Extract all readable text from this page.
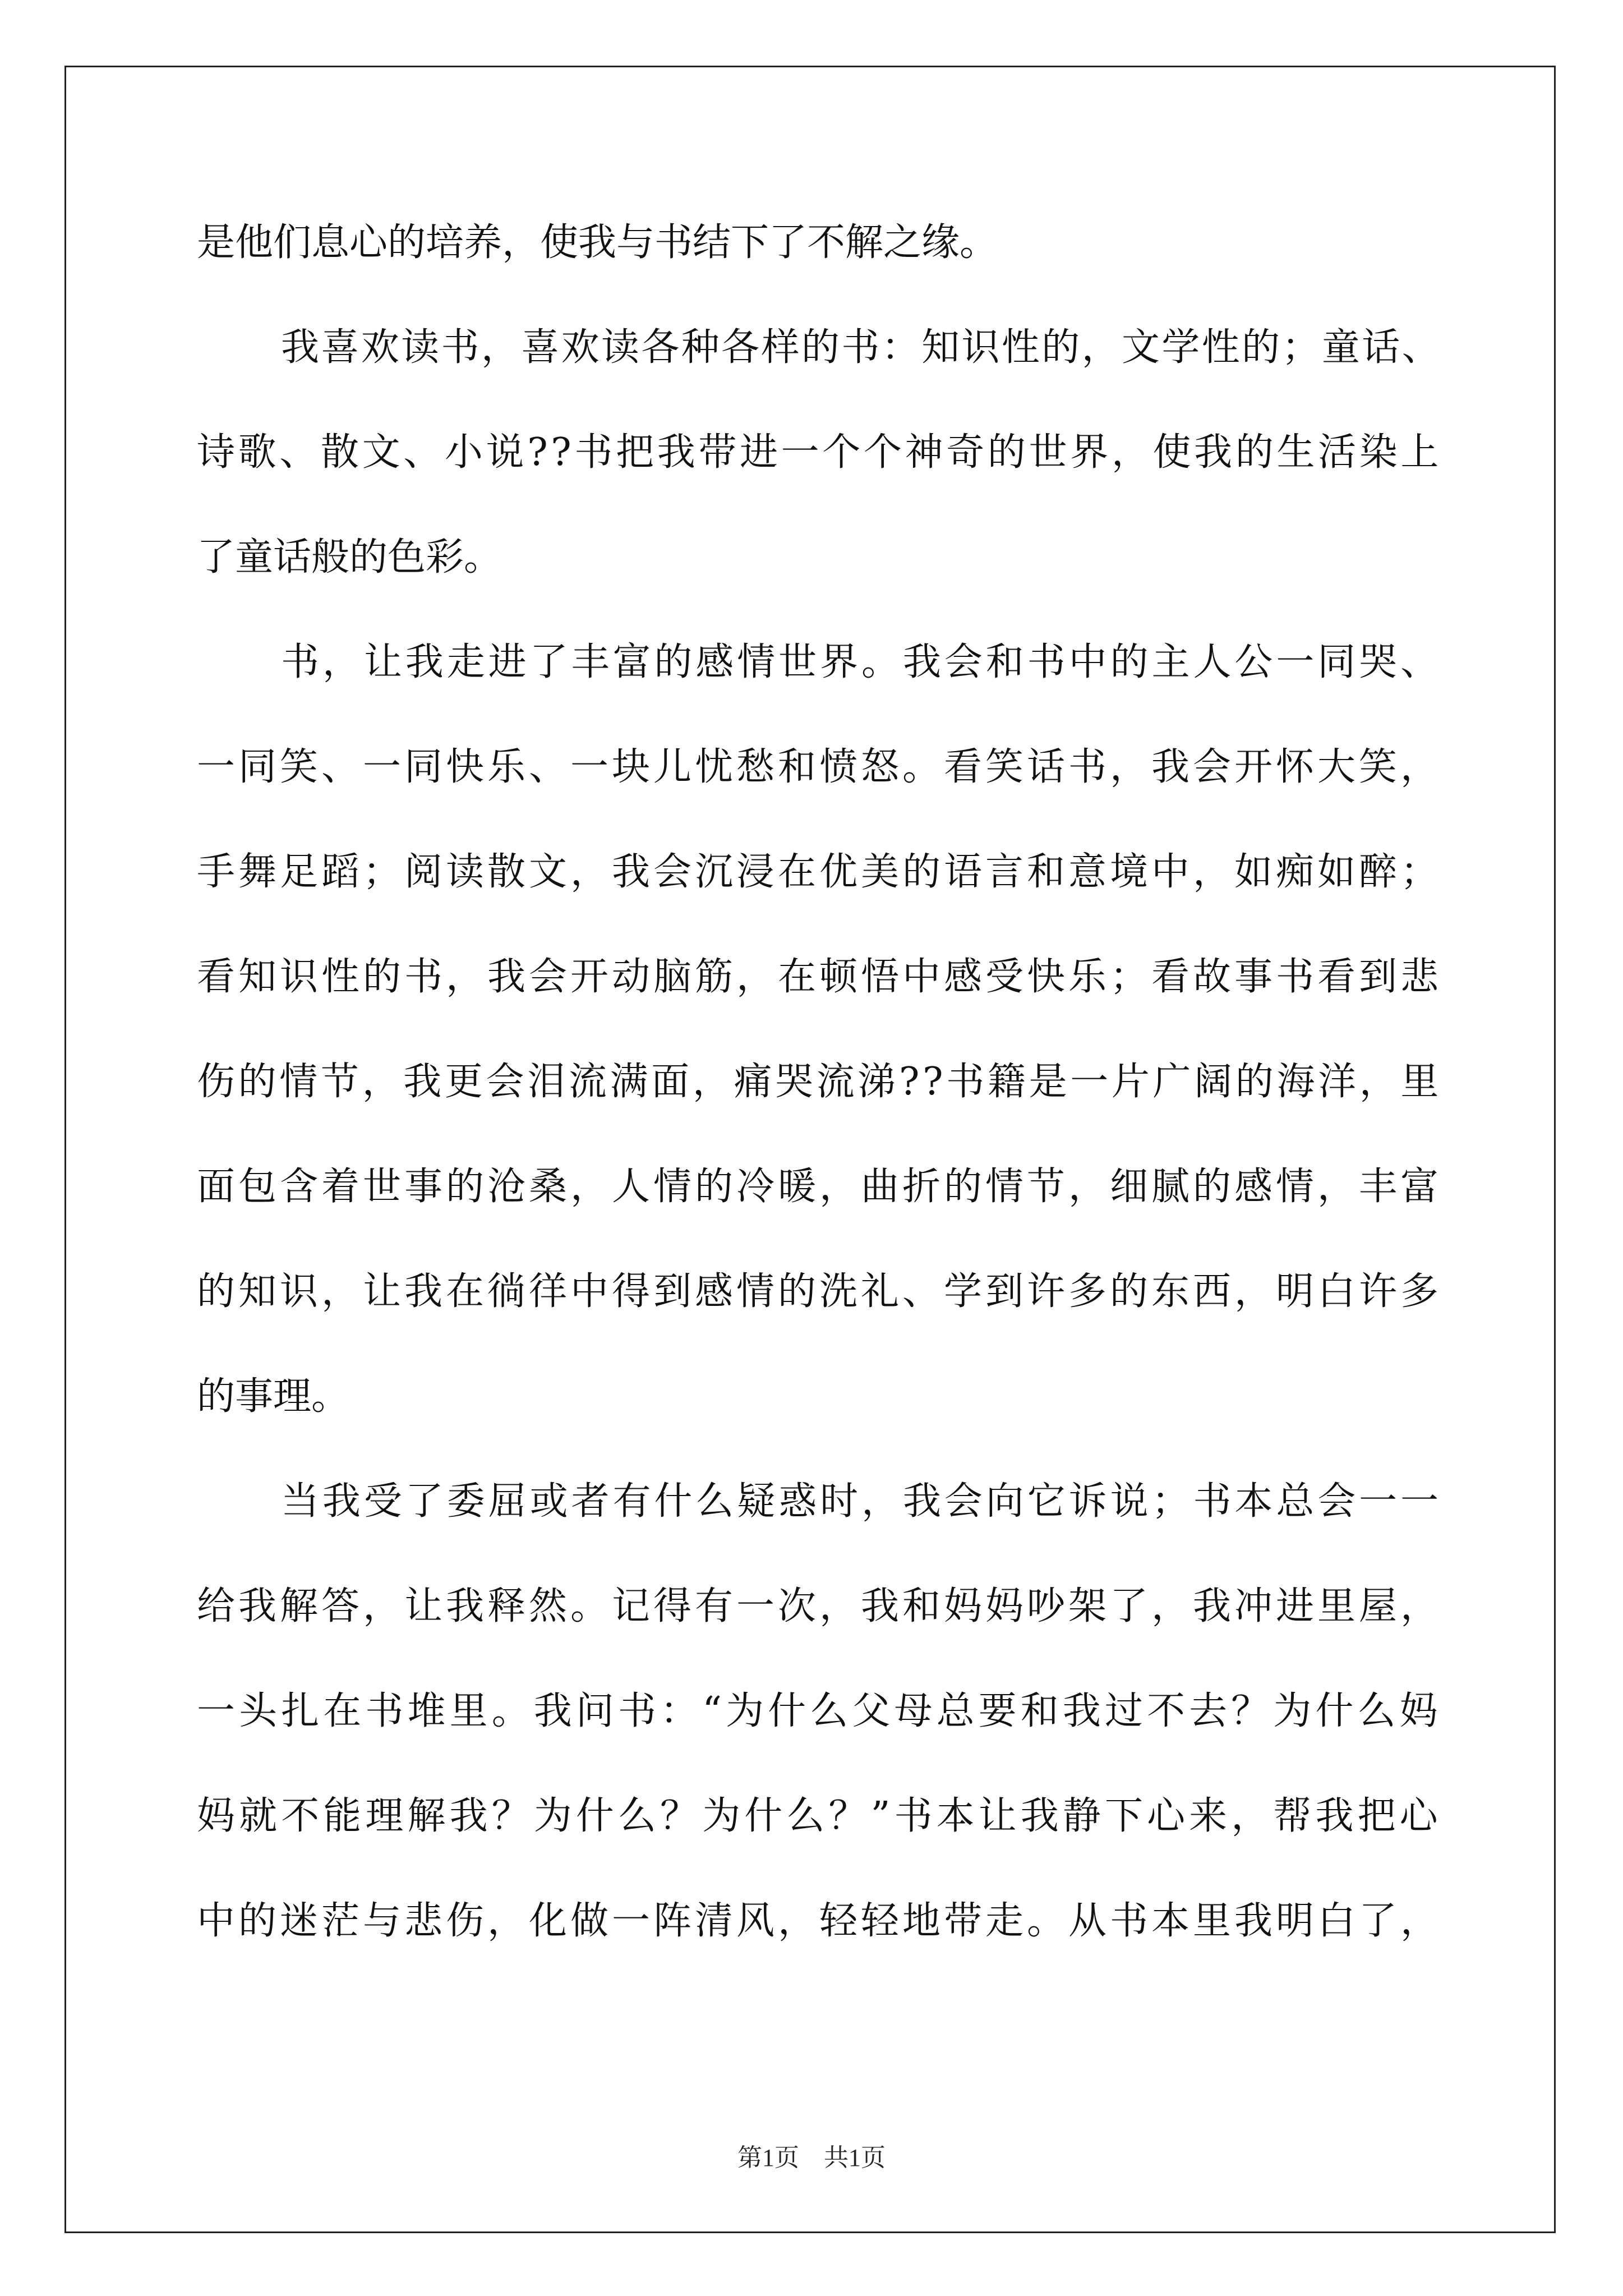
是他们息心的培养，使我与书结下了不解之缘。
我喜欢读书，喜欢读各种各样的书：知识性的，文学性的；童话、
诗歌、散文、小说??书把我带进一个个神奇的世界，使我的生活染上
了童话般的色彩。
书，让我走进了丰富的感情世界。我会和书中的主人公一同哭、
一同笑、一同快乐、一块儿忧愁和愤怒。看笑话书，我会开怀大笑，
手舞足蹈；阅读散文，我会沉浸在优美的语言和意境中，如痴如醉；
看知识性的书，我会开动脑筋，在顿悟中感受快乐；看故事书看到悲
伤的情节，我更会泪流满面，痛哭流涕??书籍是一片广阔的海洋，里
面包含着世事的沧桑，人情的冷暖，曲折的情节，细腻的感情，丰富
的知识，让我在徜徉中得到感情的洗礼、学到许多的东西，明白许多
的事理。
当我受了委屈或者有什么疑惑时，我会向它诉说；书本总会一一
给我解答，让我释然。记得有一次，我和妈妈吵架了，我冲进里屋，
一头扎在书堆里。我问书：“为什么父母总要和我过不去？为什么妈
妈就不能理解我？为什么？为什么？”书本让我静下心来，帮我把心
中的迷茫与悲伤，化做一阵清风，轻轻地带走。从书本里我明白了，
第1页　共1页
